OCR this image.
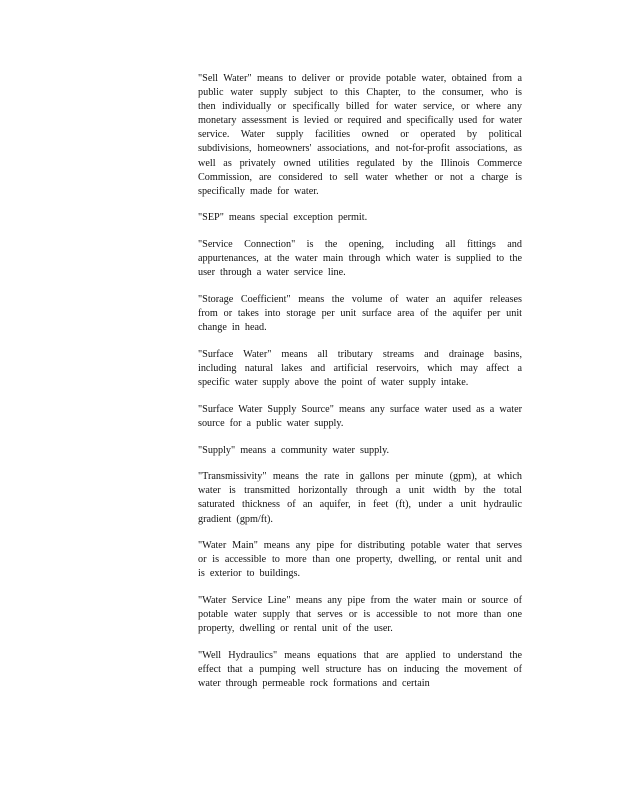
"Sell Water" means to deliver or provide potable water, obtained from a public water supply subject to this Chapter, to the consumer, who is then individually or specifically billed for water service, or where any monetary assessment is levied or required and specifically used for water service. Water supply facilities owned or operated by political subdivisions, homeowners' associations, and not-for-profit associations, as well as privately owned utilities regulated by the Illinois Commerce Commission, are considered to sell water whether or not a charge is specifically made for water.

"SEP" means special exception permit.

"Service Connection" is the opening, including all fittings and appurtenances, at the water main through which water is supplied to the user through a water service line.

"Storage Coefficient" means the volume of water an aquifer releases from or takes into storage per unit surface area of the aquifer per unit change in head.

"Surface Water" means all tributary streams and drainage basins, including natural lakes and artificial reservoirs, which may affect a specific water supply above the point of water supply intake.

"Surface Water Supply Source" means any surface water used as a water source for a public water supply.

"Supply" means a community water supply.

"Transmissivity" means the rate in gallons per minute (gpm), at which water is transmitted horizontally through a unit width by the total saturated thickness of an aquifer, in feet (ft), under a unit hydraulic gradient (gpm/ft).

"Water Main" means any pipe for distributing potable water that serves or is accessible to more than one property, dwelling, or rental unit and is exterior to buildings.

"Water Service Line" means any pipe from the water main or source of potable water supply that serves or is accessible to not more than one property, dwelling or rental unit of the user.

"Well Hydraulics" means equations that are applied to understand the effect that a pumping well structure has on inducing the movement of water through permeable rock formations and certain
